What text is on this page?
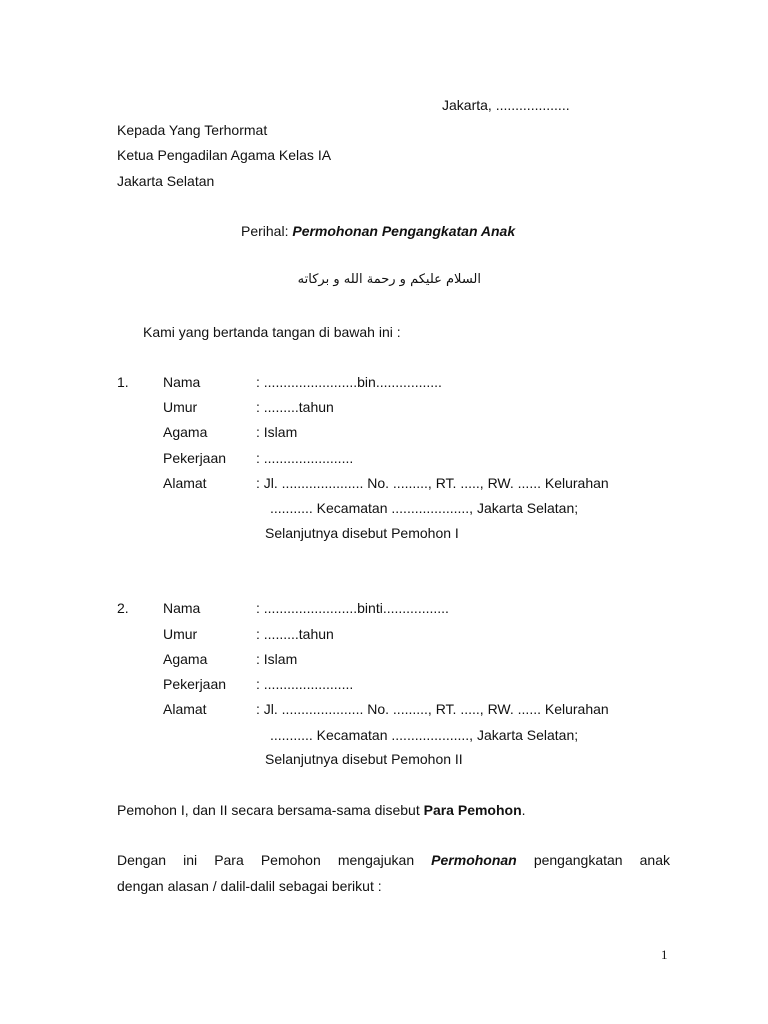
Jakarta, ...................
Kepada Yang Terhormat
Ketua Pengadilan Agama Kelas IA
Jakarta Selatan
Perihal: Permohonan Pengangkatan Anak
السلام عليكم و رحمة الله و بركاته
Kami yang bertanda tangan di bawah ini :
1. Nama	: ........................bin.................
Umur	: .........tahun
Agama	: Islam
Pekerjaan : .......................
Alamat	: Jl. ..................... No. ........., RT. ....., RW. ...... Kelurahan
........... Kecamatan ...................., Jakarta Selatan;
Selanjutnya disebut Pemohon I
2. Nama	: ........................binti.................
Umur	: .........tahun
Agama	: Islam
Pekerjaan : .......................
Alamat	: Jl. ..................... No. ........., RT. ....., RW. ...... Kelurahan
........... Kecamatan ...................., Jakarta Selatan;
Selanjutnya disebut Pemohon II
Pemohon I, dan II secara bersama-sama disebut Para Pemohon.
Dengan ini Para Pemohon mengajukan Permohonan pengangkatan anak
dengan alasan / dalil-dalil sebagai berikut :
1
